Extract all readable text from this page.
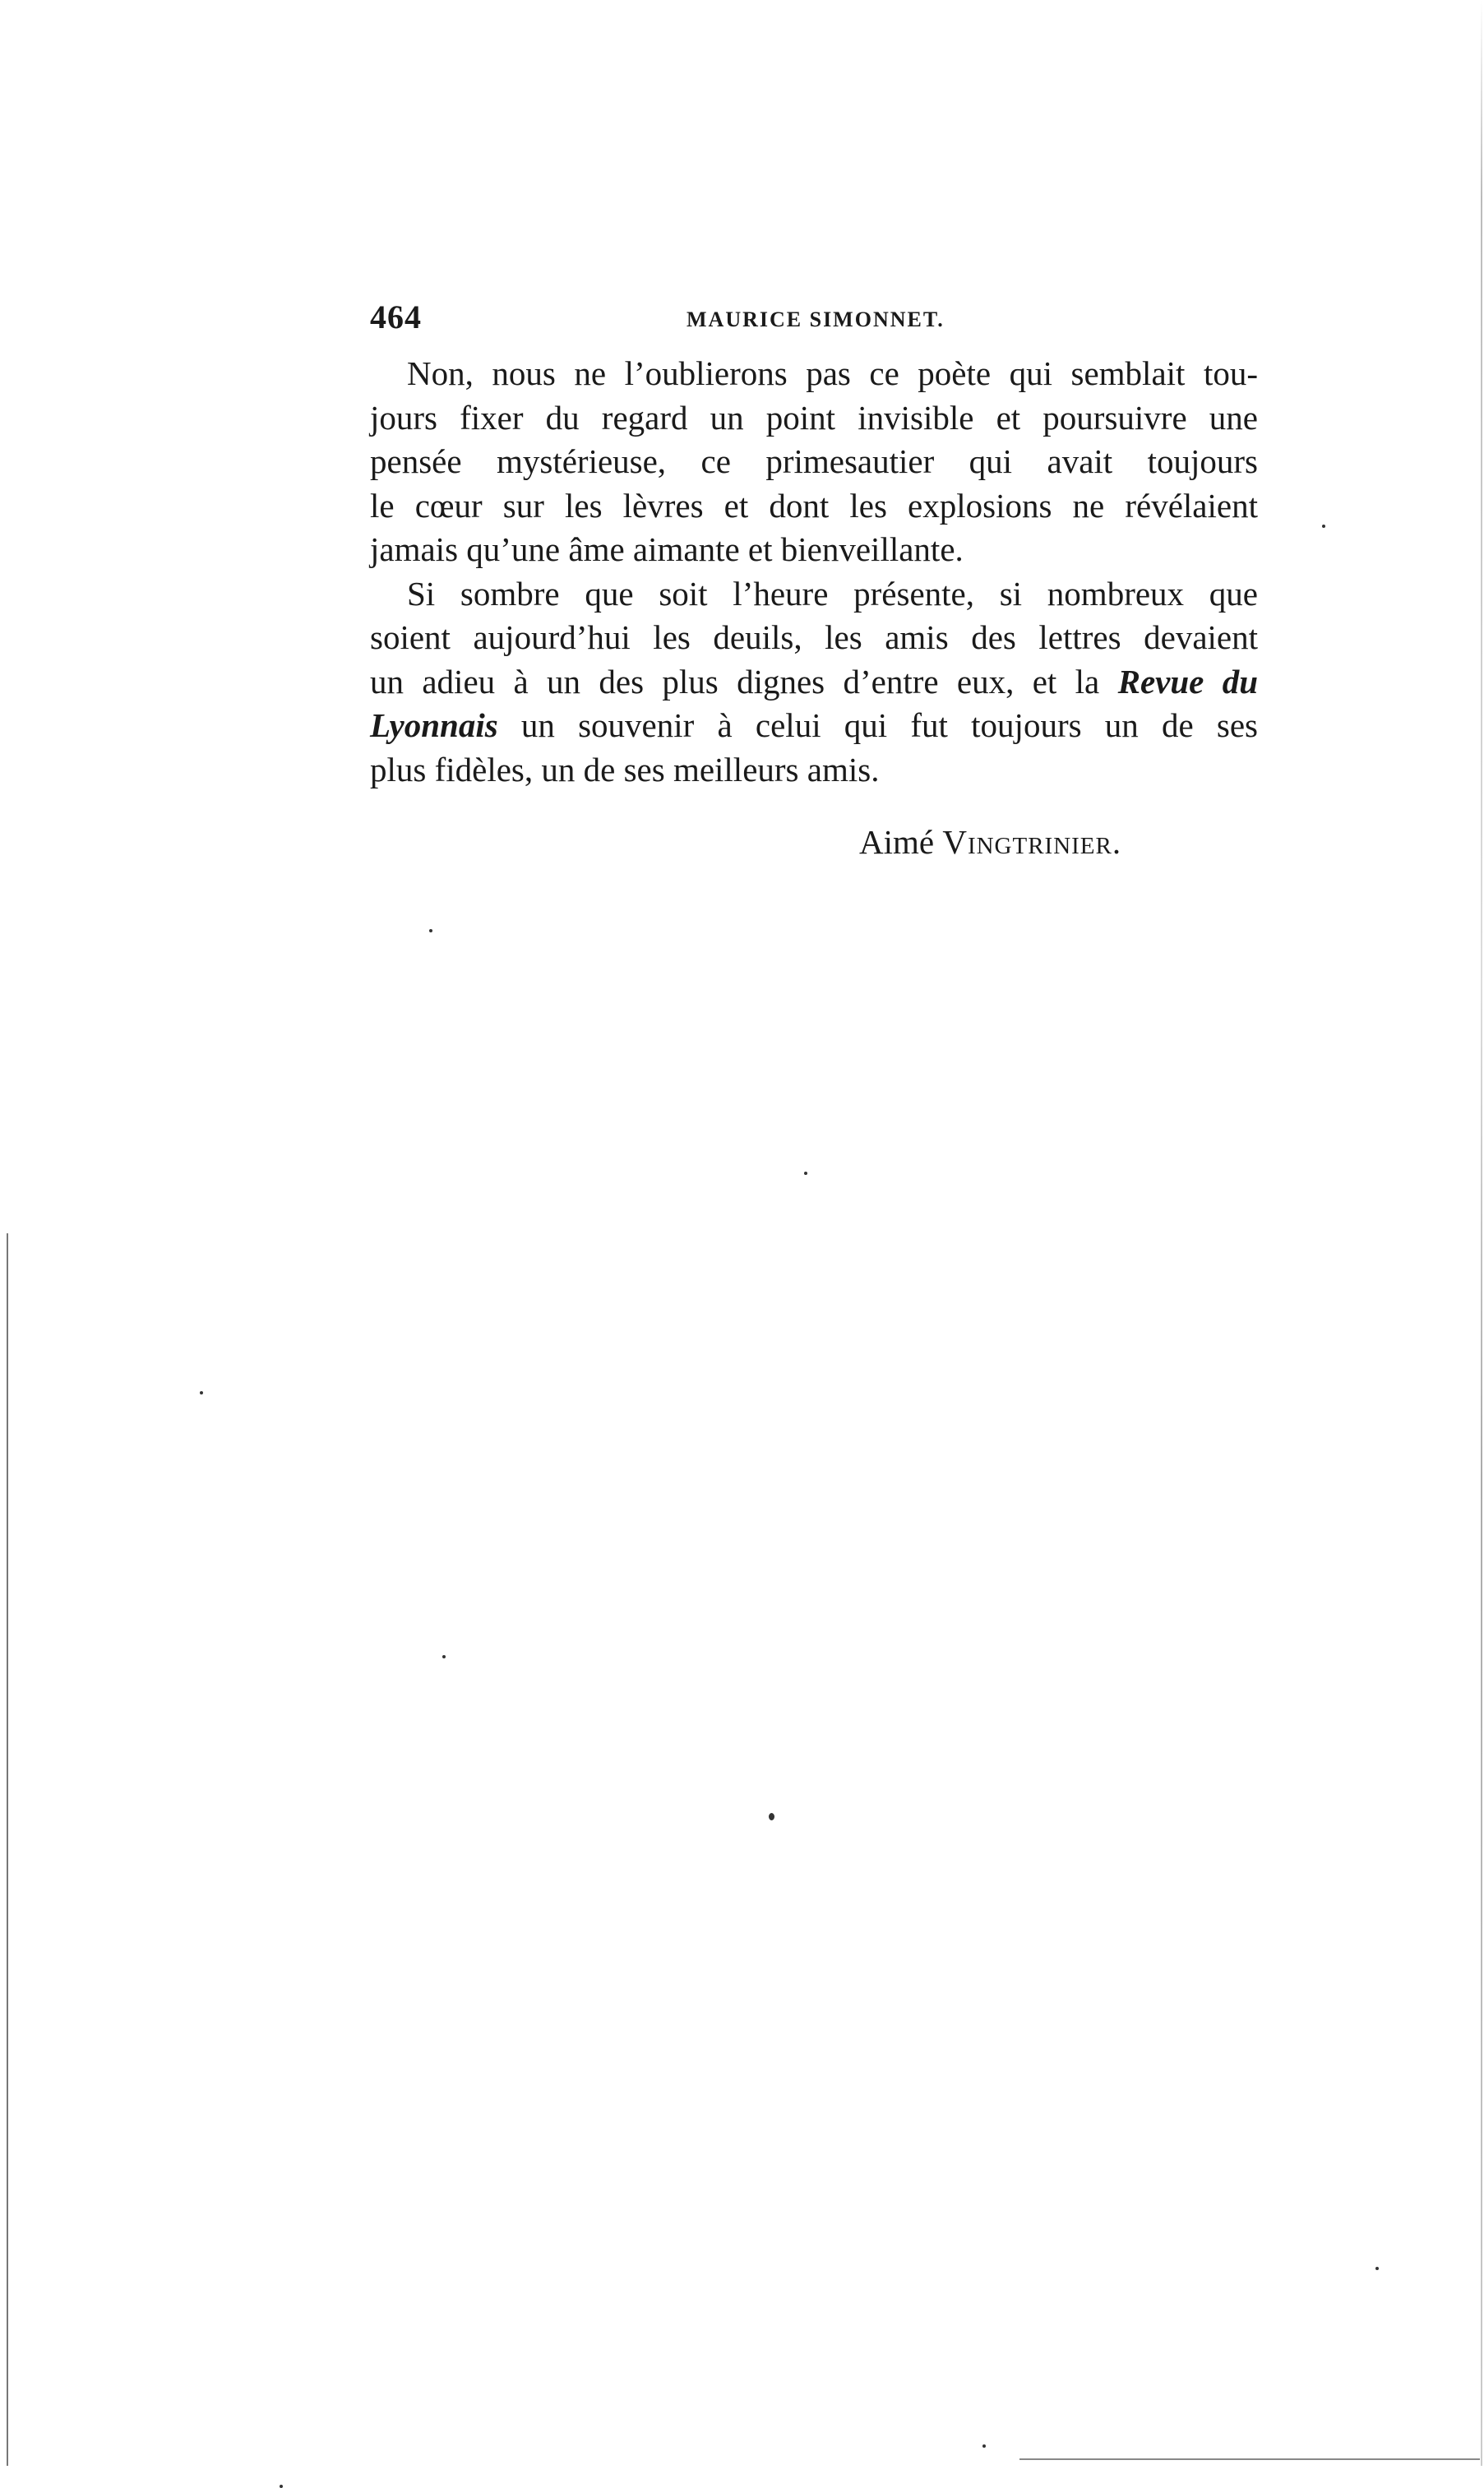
464	MAURICE SIMONNET.
Non, nous ne l’oublierons pas ce poète qui semblait tou-
jours fixer du regard un point invisible et poursuivre une
pensée mystérieuse, ce primesautier qui avait toujours
le cœur sur les lèvres et dont les explosions ne révélaient
jamais qu’une âme aimante et bienveillante.
Si sombre que soit l’heure présente, si nombreux que
soient aujourd’hui les deuils, les amis des lettres devaient
un adieu à un des plus dignes d’entre eux, et la Revue du
Lyonnais un souvenir à celui qui fut toujours un de ses
plus fidèles, un de ses meilleurs amis.
Aimé Vingtrinier.
